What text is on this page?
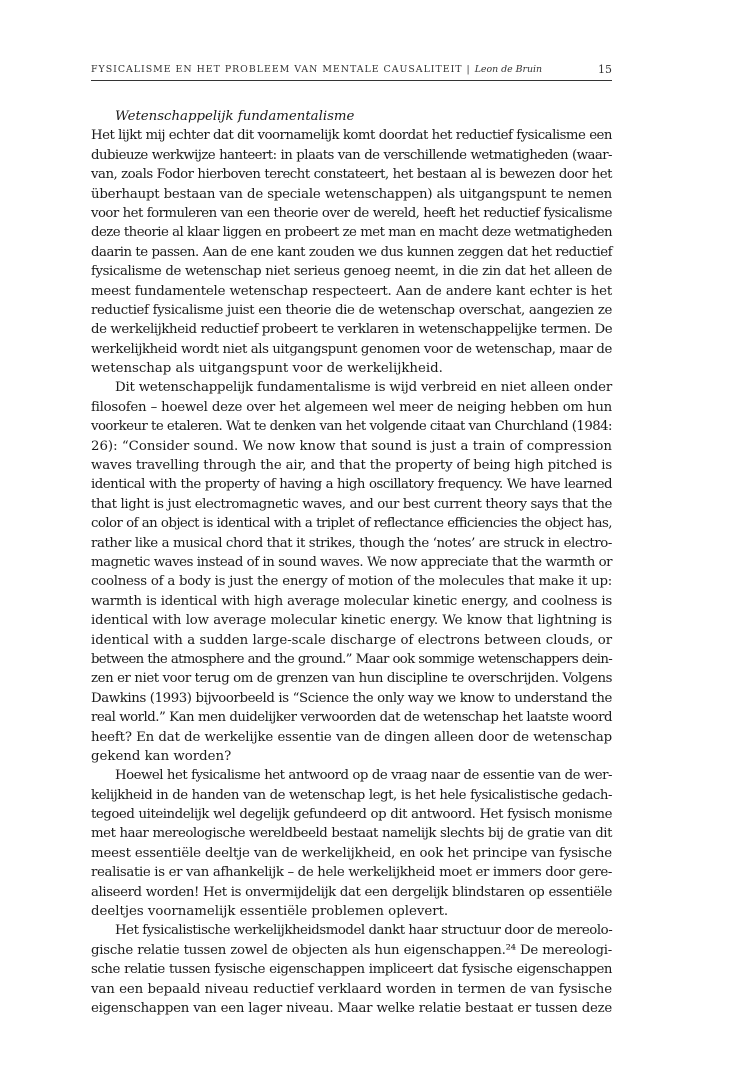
FYSICALISME EN HET PROBLEEM VAN MENTALE CAUSALITEIT | Leon de Bruin	15
Wetenschappelijk fundamentalisme
Het lijkt mij echter dat dit voornamelijk komt doordat het reductief fysicalisme een
dubieuze werkwijze hanteert: in plaats van de verschillende wetmatigheden (waar-
van, zoals Fodor hierboven terecht constateert, het bestaan al is bewezen door het
überhaupt bestaan van de speciale wetenschappen) als uitgangspunt te nemen
voor het formuleren van een theorie over de wereld, heeft het reductief fysicalisme
deze theorie al klaar liggen en probeert ze met man en macht deze wetmatigheden
daarin te passen. Aan de ene kant zouden we dus kunnen zeggen dat het reductief
fysicalisme de wetenschap niet serieus genoeg neemt, in die zin dat het alleen de
meest fundamentele wetenschap respecteert. Aan de andere kant echter is het
reductief fysicalisme juist een theorie die de wetenschap overschat, aangezien ze
de werkelijkheid reductief probeert te verklaren in wetenschappelijke termen. De
werkelijkheid wordt niet als uitgangspunt genomen voor de wetenschap, maar de
wetenschap als uitgangspunt voor de werkelijkheid.
Dit wetenschappelijk fundamentalisme is wijd verbreid en niet alleen onder
filosofen – hoewel deze over het algemeen wel meer de neiging hebben om hun
voorkeur te etaleren. Wat te denken van het volgende citaat van Churchland (1984:
26): “Consider sound. We now know that sound is just a train of compression
waves travelling through the air, and that the property of being high pitched is
identical with the property of having a high oscillatory frequency. We have learned
that light is just electromagnetic waves, and our best current theory says that the
color of an object is identical with a triplet of reflectance efficiencies the object has,
rather like a musical chord that it strikes, though the ‘notes’ are struck in electro-
magnetic waves instead of in sound waves. We now appreciate that the warmth or
coolness of a body is just the energy of motion of the molecules that make it up:
warmth is identical with high average molecular kinetic energy, and coolness is
identical with low average molecular kinetic energy. We know that lightning is
identical with a sudden large-scale discharge of electrons between clouds, or
between the atmosphere and the ground.” Maar ook sommige wetenschappers dein-
zen er niet voor terug om de grenzen van hun discipline te overschrijden. Volgens
Dawkins (1993) bijvoorbeeld is “Science the only way we know to understand the
real world.” Kan men duidelijker verwoorden dat de wetenschap het laatste woord
heeft? En dat de werkelijke essentie van de dingen alleen door de wetenschap
gekend kan worden?
Hoewel het fysicalisme het antwoord op de vraag naar de essentie van de wer-
kelijkheid in de handen van de wetenschap legt, is het hele fysicalistische gedach-
tegoed uiteindelijk wel degelijk gefundeerd op dit antwoord. Het fysisch monisme
met haar mereologische wereldbeeld bestaat namelijk slechts bij de gratie van dit
meest essentiële deeltje van de werkelijkheid, en ook het principe van fysische
realisatie is er van afhankelijk – de hele werkelijkheid moet er immers door gere-
aliseerd worden! Het is onvermijdelijk dat een dergelijk blindstaren op essentiële
deeltjes voornamelijk essentiële problemen oplevert.
Het fysicalistische werkelijkheidsmodel dankt haar structuur door de mereolo-
gische relatie tussen zowel de objecten als hun eigenschappen.²⁴ De mereologi-
sche relatie tussen fysische eigenschappen impliceert dat fysische eigenschappen
van een bepaald niveau reductief verklaard worden in termen de van fysische
eigenschappen van een lager niveau. Maar welke relatie bestaat er tussen deze
